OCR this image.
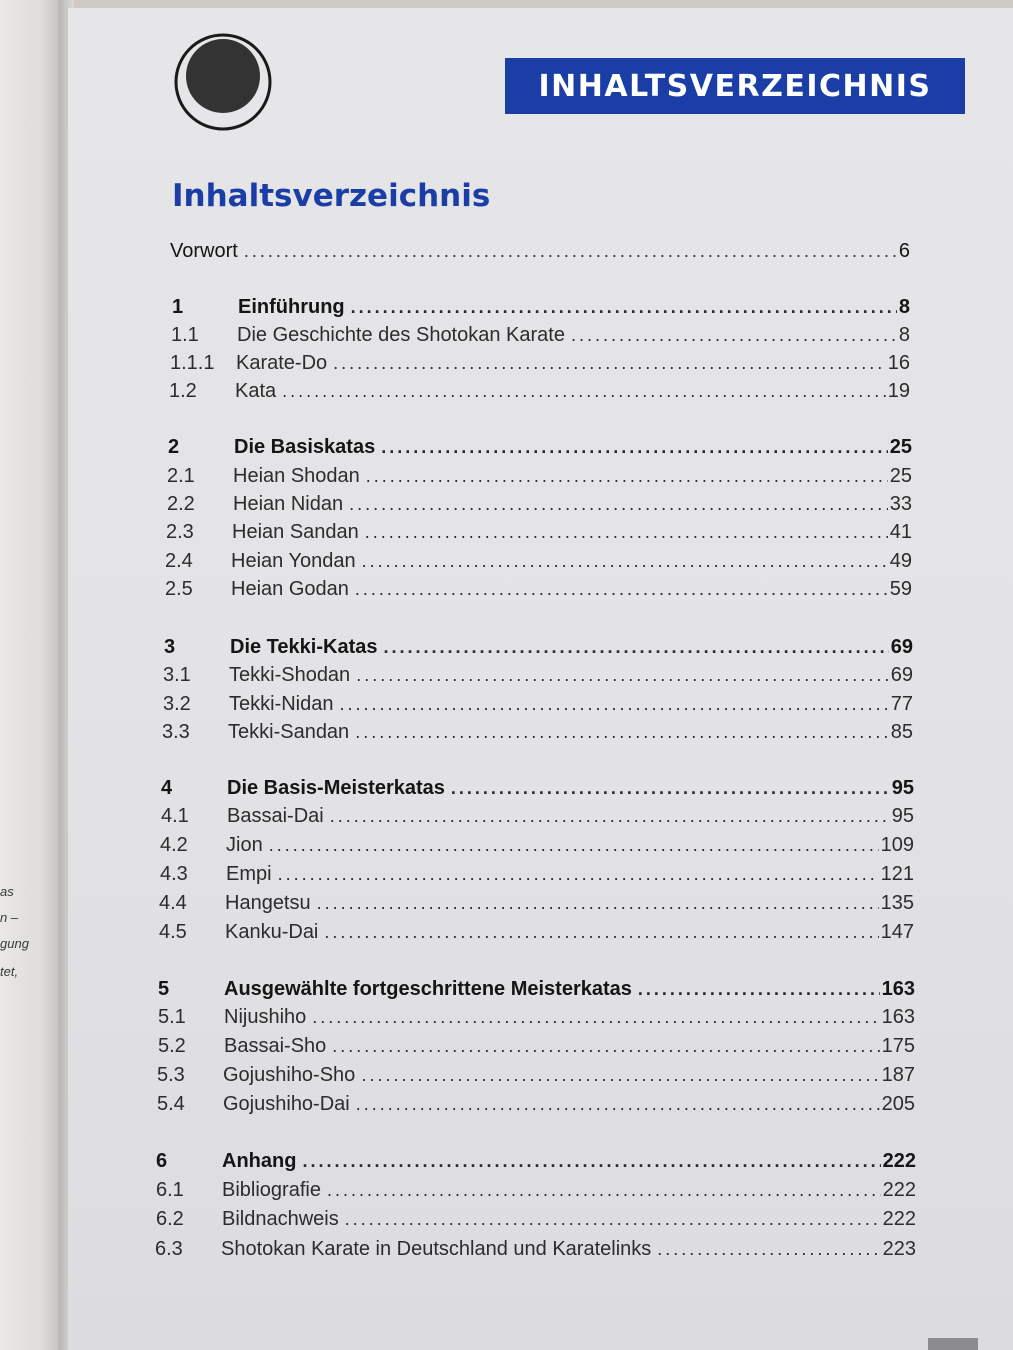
as
n –
gung
tet,
INHALTSVERZEICHNIS
Inhaltsverzeichnis
Vorwort . . .	6
1	Einführung . . .	8
1.1	Die Geschichte des Shotokan Karate . . .	8
1.1.1	Karate-Do . . .	16
1.2	Kata . . .	19
2	Die Basiskatas . . .	25
2.1	Heian Shodan . . .	25
2.2	Heian Nidan . . .	33
2.3	Heian Sandan . . .	41
2.4	Heian Yondan . . .	49
2.5	Heian Godan . . .	59
3	Die Tekki-Katas . . .	69
3.1	Tekki-Shodan . . .	69
3.2	Tekki-Nidan . . .	77
3.3	Tekki-Sandan . . .	85
4	Die Basis-Meisterkatas . . .	95
4.1	Bassai-Dai . . .	95
4.2	Jion . . .	109
4.3	Empi . . .	121
4.4	Hangetsu . . .	135
4.5	Kanku-Dai . . .	147
5	Ausgewählte fortgeschrittene Meisterkatas . . .	163
5.1	Nijushiho . . .	163
5.2	Bassai-Sho . . .	175
5.3	Gojushiho-Sho . . .	187
5.4	Gojushiho-Dai . . .	205
6	Anhang . . .	222
6.1	Bibliografie . . .	222
6.2	Bildnachweis . . .	222
6.3	Shotokan Karate in Deutschland und Karatelinks . . .	223
